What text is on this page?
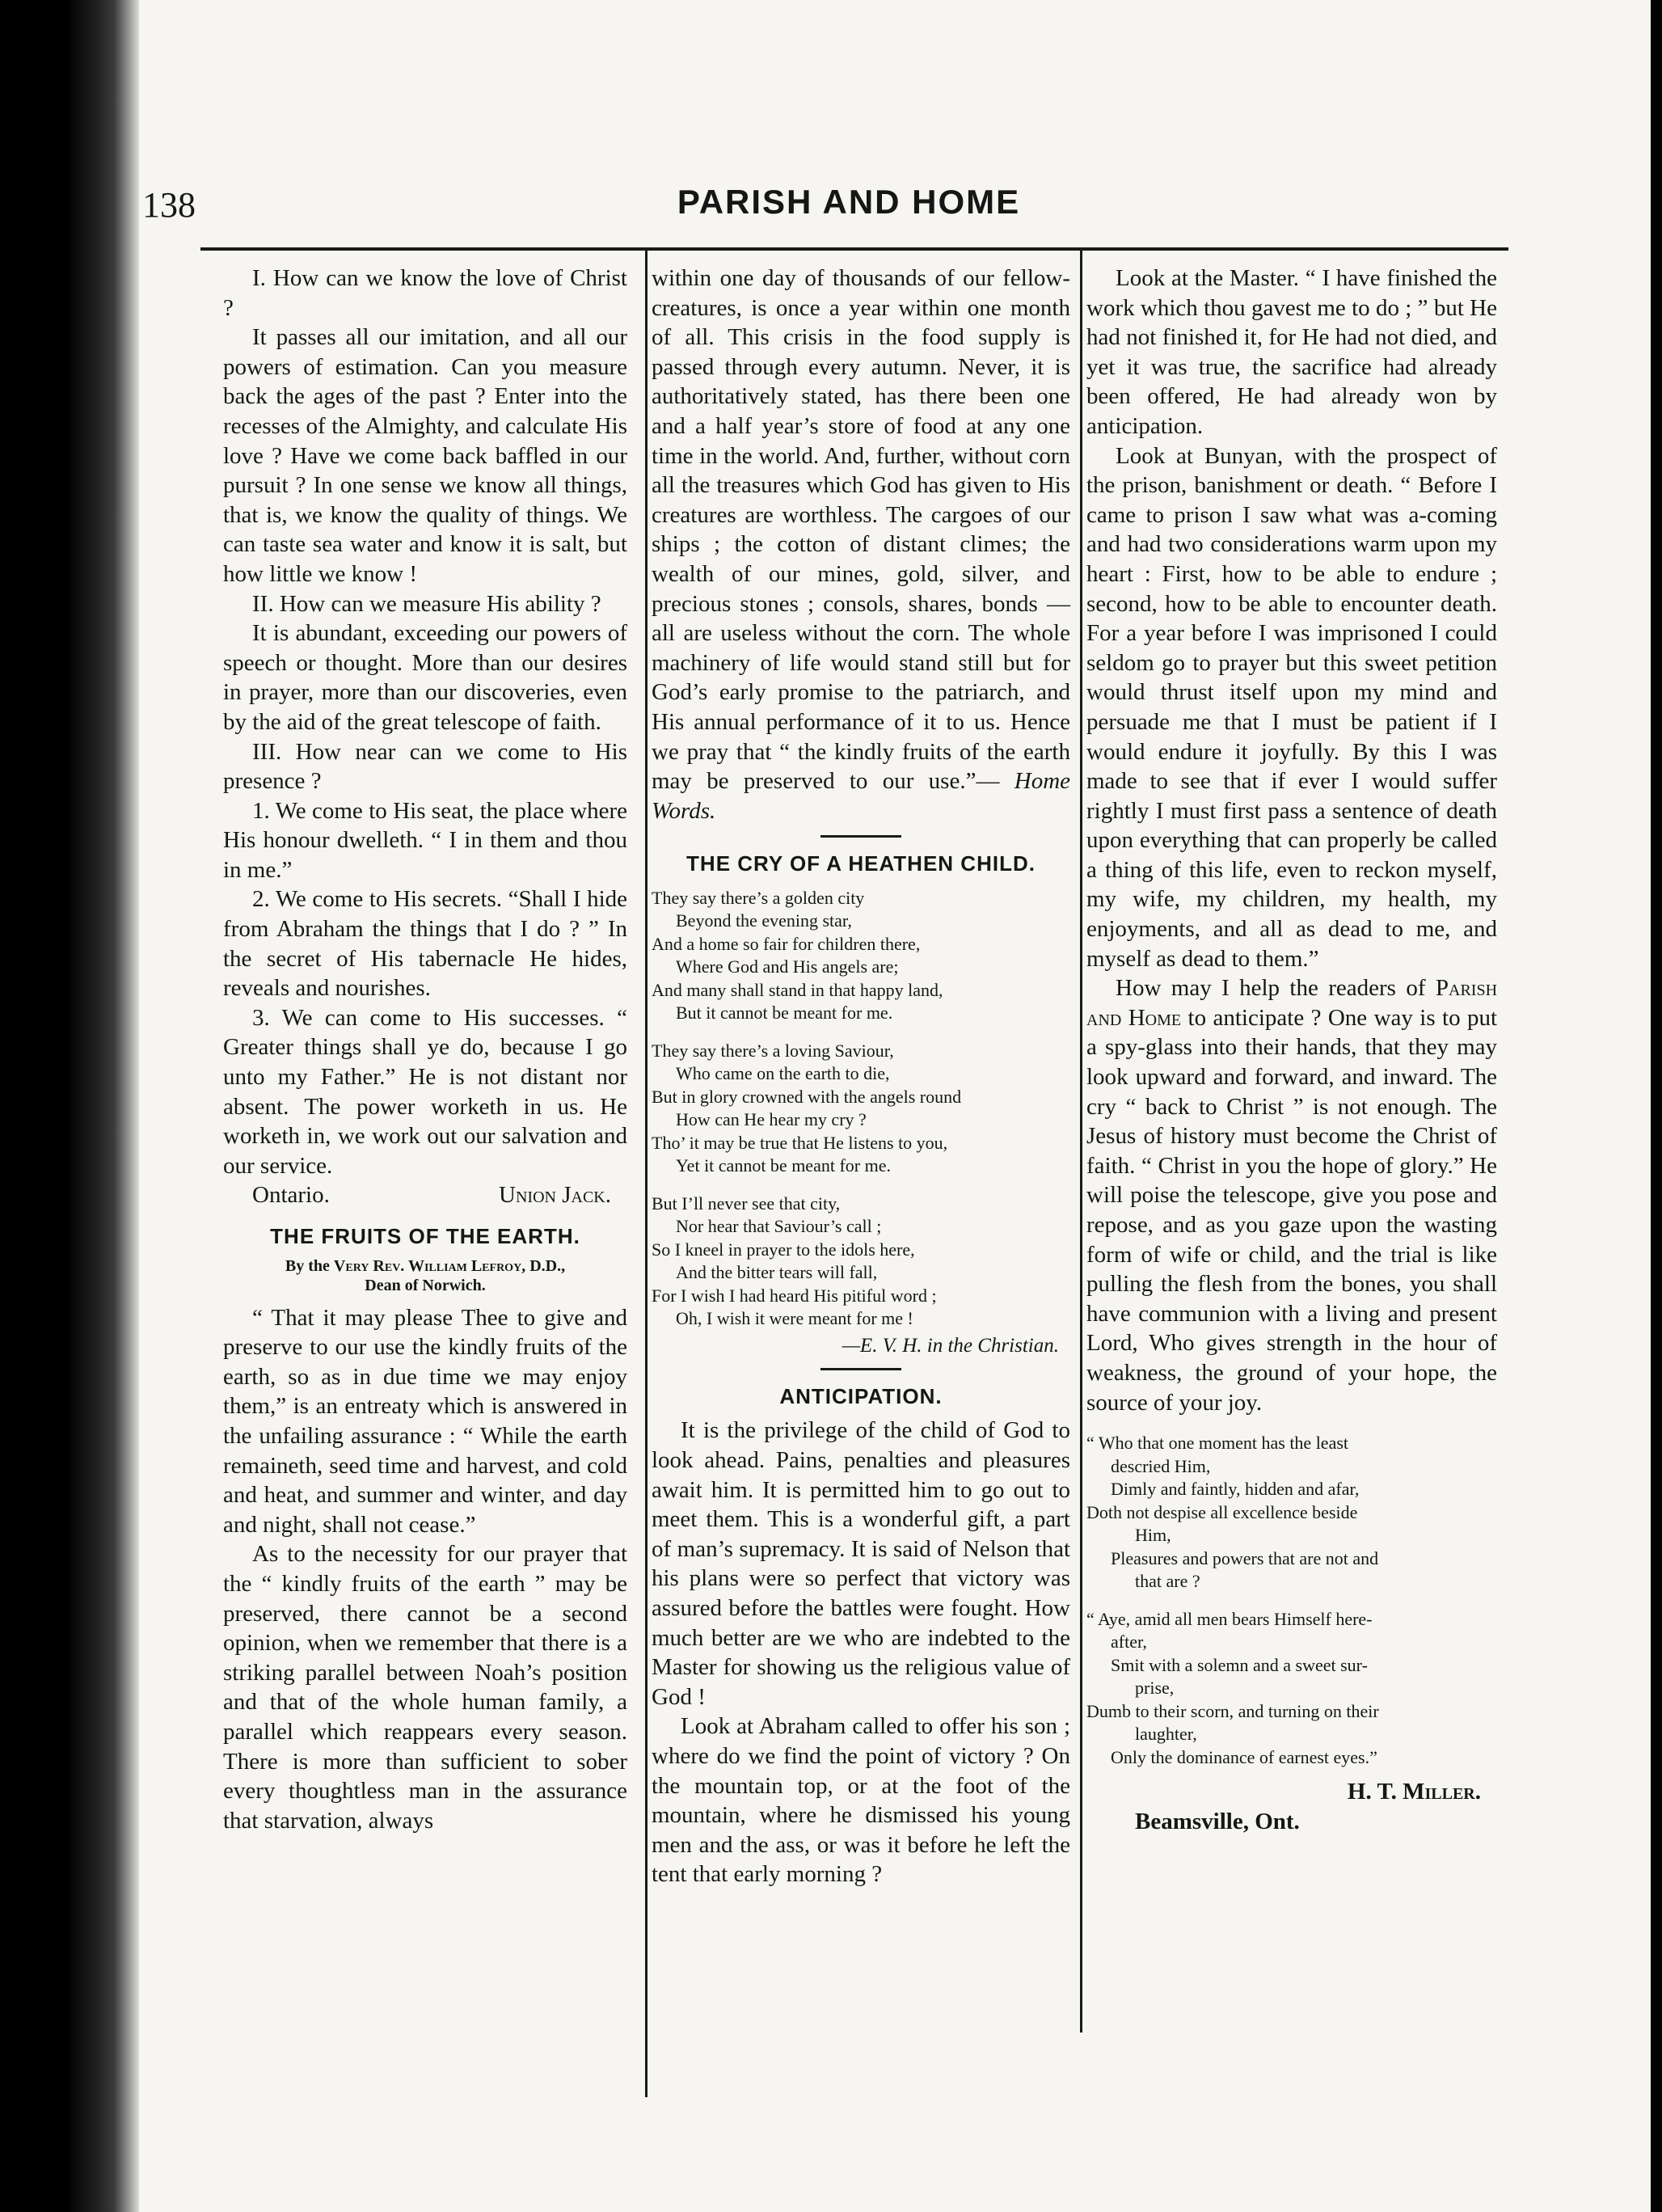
138	PARISH AND HOME

I. How can we know the love of Christ ?

It passes all our imitation, and all our powers of estimation. Can you measure back the ages of the past ? Enter into the recesses of the Almighty, and calculate His love ? Have we come back baffled in our pursuit ? In one sense we know all things, that is, we know the quality of things. We can taste sea water and know it is salt, but how little we know !

II. How can we measure His ability ?

It is abundant, exceeding our powers of speech or thought. More than our desires in prayer, more than our discoveries, even by the aid of the great telescope of faith.

III. How near can we come to His presence ?

1. We come to His seat, the place where His honour dwelleth. “ I in them and thou in me.”

2. We come to His secrets. “Shall I hide from Abraham the things that I do ? ” In the secret of His tabernacle He hides, reveals and nourishes.

3. We can come to His successes. “ Greater things shall ye do, because I go unto my Father.” He is not distant nor absent. The power worketh in us. He worketh in, we work out our salvation and our service.

Ontario.	Union Jack.

THE FRUITS OF THE EARTH.
By the Very Rev. William Lefroy, D.D.,
Dean of Norwich.

“ That it may please Thee to give and preserve to our use the kindly fruits of the earth, so as in due time we may enjoy them,” is an entreaty which is answered in the unfailing assurance : “ While the earth remaineth, seed time and harvest, and cold and heat, and summer and winter, and day and night, shall not cease.”

As to the necessity for our prayer that the “ kindly fruits of the earth ” may be preserved, there cannot be a second opinion, when we remember that there is a striking parallel between Noah’s position and that of the whole human family, a parallel which reappears every season. There is more than sufficient to sober every thoughtless man in the assurance that starvation, always

within one day of thousands of our fellow-creatures, is once a year within one month of all. This crisis in the food supply is passed through every autumn. Never, it is authoritatively stated, has there been one and a half year’s store of food at any one time in the world. And, further, without corn all the treasures which God has given to His creatures are worthless. The cargoes of our ships ; the cotton of distant climes; the wealth of our mines, gold, silver, and precious stones ; consols, shares, bonds — all are useless without the corn. The whole machinery of life would stand still but for God’s early promise to the patriarch, and His annual performance of it to us. Hence we pray that “ the kindly fruits of the earth may be preserved to our use.”— Home Words.

THE CRY OF A HEATHEN CHILD.
They say there’s a golden city
Beyond the evening star,
And a home so fair for children there,
Where God and His angels are;
And many shall stand in that happy land,
But it cannot be meant for me.
They say there’s a loving Saviour,
Who came on the earth to die,
But in glory crowned with the angels round
How can He hear my cry ?
Tho’ it may be true that He listens to you,
Yet it cannot be meant for me.
But I’ll never see that city,
Nor hear that Saviour’s call ;
So I kneel in prayer to the idols here,
And the bitter tears will fall,
For I wish I had heard His pitiful word ;
Oh, I wish it were meant for me !
—E. V. H. in the Christian.
ANTICIPATION.

It is the privilege of the child of God to look ahead. Pains, penalties and pleasures await him. It is permitted him to go out to meet them. This is a wonderful gift, a part of man’s supremacy. It is said of Nelson that his plans were so perfect that victory was assured before the battles were fought. How much better are we who are indebted to the Master for showing us the religious value of God !

Look at Abraham called to offer his son ; where do we find the point of victory ? On the mountain top, or at the foot of the mountain, where he dismissed his young men and the ass, or was it before he left the tent that early morning ?

Look at the Master. “ I have finished the work which thou gavest me to do ; ” but He had not finished it, for He had not died, and yet it was true, the sacrifice had already been offered, He had already won by anticipation.

Look at Bunyan, with the prospect of the prison, banishment or death. “ Before I came to prison I saw what was a-coming and had two considerations warm upon my heart : First, how to be able to endure ; second, how to be able to encounter death. For a year before I was imprisoned I could seldom go to prayer but this sweet petition would thrust itself upon my mind and persuade me that I must be patient if I would endure it joyfully. By this I was made to see that if ever I would suffer rightly I must first pass a sentence of death upon everything that can properly be called a thing of this life, even to reckon myself, my wife, my children, my health, my enjoyments, and all as dead to me, and myself as dead to them.”

How may I help the readers of Parish and Home to anticipate ? One way is to put a spy-glass into their hands, that they may look upward and forward, and inward. The cry “ back to Christ ” is not enough. The Jesus of history must become the Christ of faith. “ Christ in you the hope of glory.” He will poise the telescope, give you pose and repose, and as you gaze upon the wasting form of wife or child, and the trial is like pulling the flesh from the bones, you shall have communion with a living and present Lord, Who gives strength in the hour of weakness, the ground of your hope, the source of your joy.

“ Who that one moment has the least
descried Him,
Dimly and faintly, hidden and afar,
Doth not despise all excellence beside
Him,
Pleasures and powers that are not and
that are ?
“ Aye, amid all men bears Himself here-
after,
Smit with a solemn and a sweet sur-
prise,
Dumb to their scorn, and turning on their
laughter,
Only the dominance of earnest eyes.”
H. T. Miller.
Beamsville, Ont.
